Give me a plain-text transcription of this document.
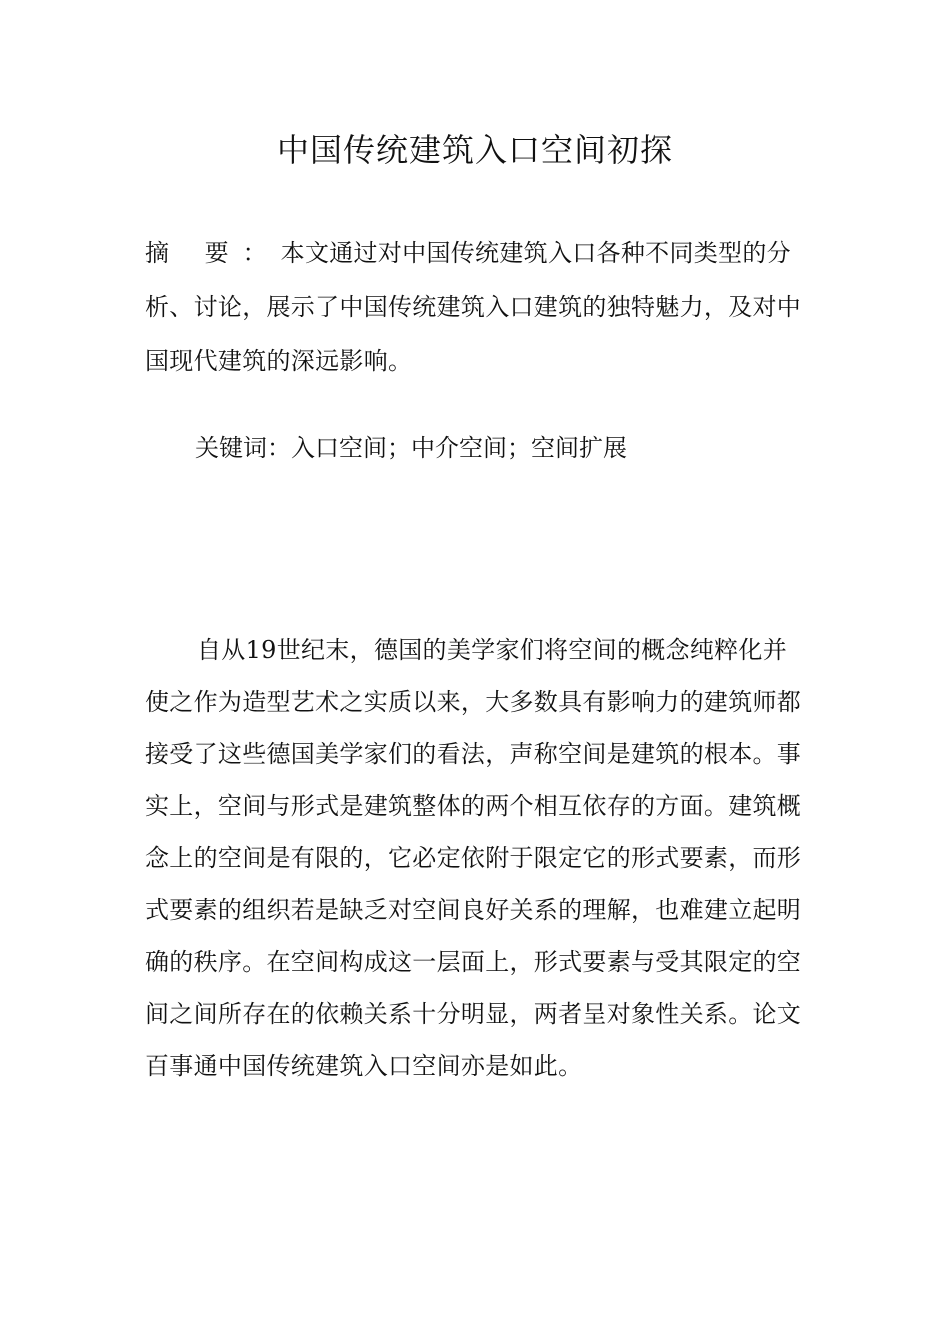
中国传统建筑入口空间初探

摘 要：本文通过对中国传统建筑入口各种不同类型的分析、讨论，展示了中国传统建筑入口建筑的独特魅力，及对中国现代建筑的深远影响。

关键词：入口空间；中介空间；空间扩展

自从19世纪末，德国的美学家们将空间的概念纯粹化并使之作为造型艺术之实质以来，大多数具有影响力的建筑师都接受了这些德国美学家们的看法，声称空间是建筑的根本。事实上，空间与形式是建筑整体的两个相互依存的方面。建筑概念上的空间是有限的，它必定依附于限定它的形式要素，而形式要素的组织若是缺乏对空间良好关系的理解，也难建立起明确的秩序。在空间构成这一层面上，形式要素与受其限定的空间之间所存在的依赖关系十分明显，两者呈对象性关系。论文百事通中国传统建筑入口空间亦是如此。
